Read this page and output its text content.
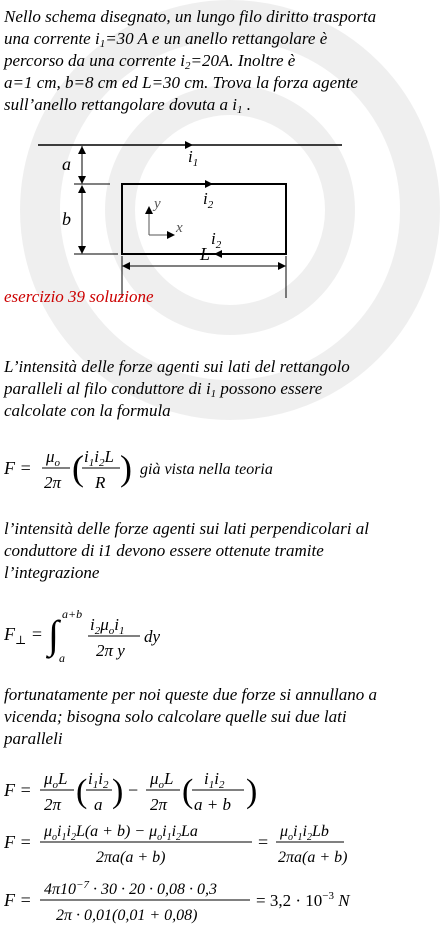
Nello schema disegnato, un lungo filo diritto trasporta
una corrente $i_1=30$ A e un anello rettangolare è
percorso da una corrente $i_2=20A$. Inoltre è
a=1 cm, b=8 cm ed L=30 cm. Trova la forza agente
sull’anello rettangolare dovuta a $i_1$ .
$i_1$
a
b
$i_2$
$i_2$
y
x
L
esercizio 39 soluzione
L’intensità delle forze agenti sui lati del rettangolo
paralleli al filo conduttore di $i_1$ possono essere
calcolate con la formula
F =
$\mu_o$
2π ( $i_1i_2L$
R ) già vista nella teoria
l’intensità delle forze agenti sui lati perpendicolari al
conduttore di i1 devono essere ottenute tramite
l’integrazione
$F_\perp$ = ∫ a+b
a
$i_2\mu_oi_1$
2π y
dy
fortunatamente per noi queste due forze si annullano a
vicenda; bisogna solo calcolare quelle sui due lati
paralleli
F =
$\mu_oL$
2π ( $i_1i_2$
a ) −
$\mu_oL$
2π ( $i_1i_2$
a + b )
F =
$\mu_oi_1i_2L(a + b) - \mu_oi_1i_2La$
2πa(a + b)
=
$\mu_oi_1i_2Lb$
2πa(a + b)
F =
$4\pi 10^{-7} \cdot 30 \cdot 20 \cdot 0,08 \cdot 0,3$
2π · 0,01(0,01 + 0,08)
= $3,2 \cdot 10^{-3}$ N
